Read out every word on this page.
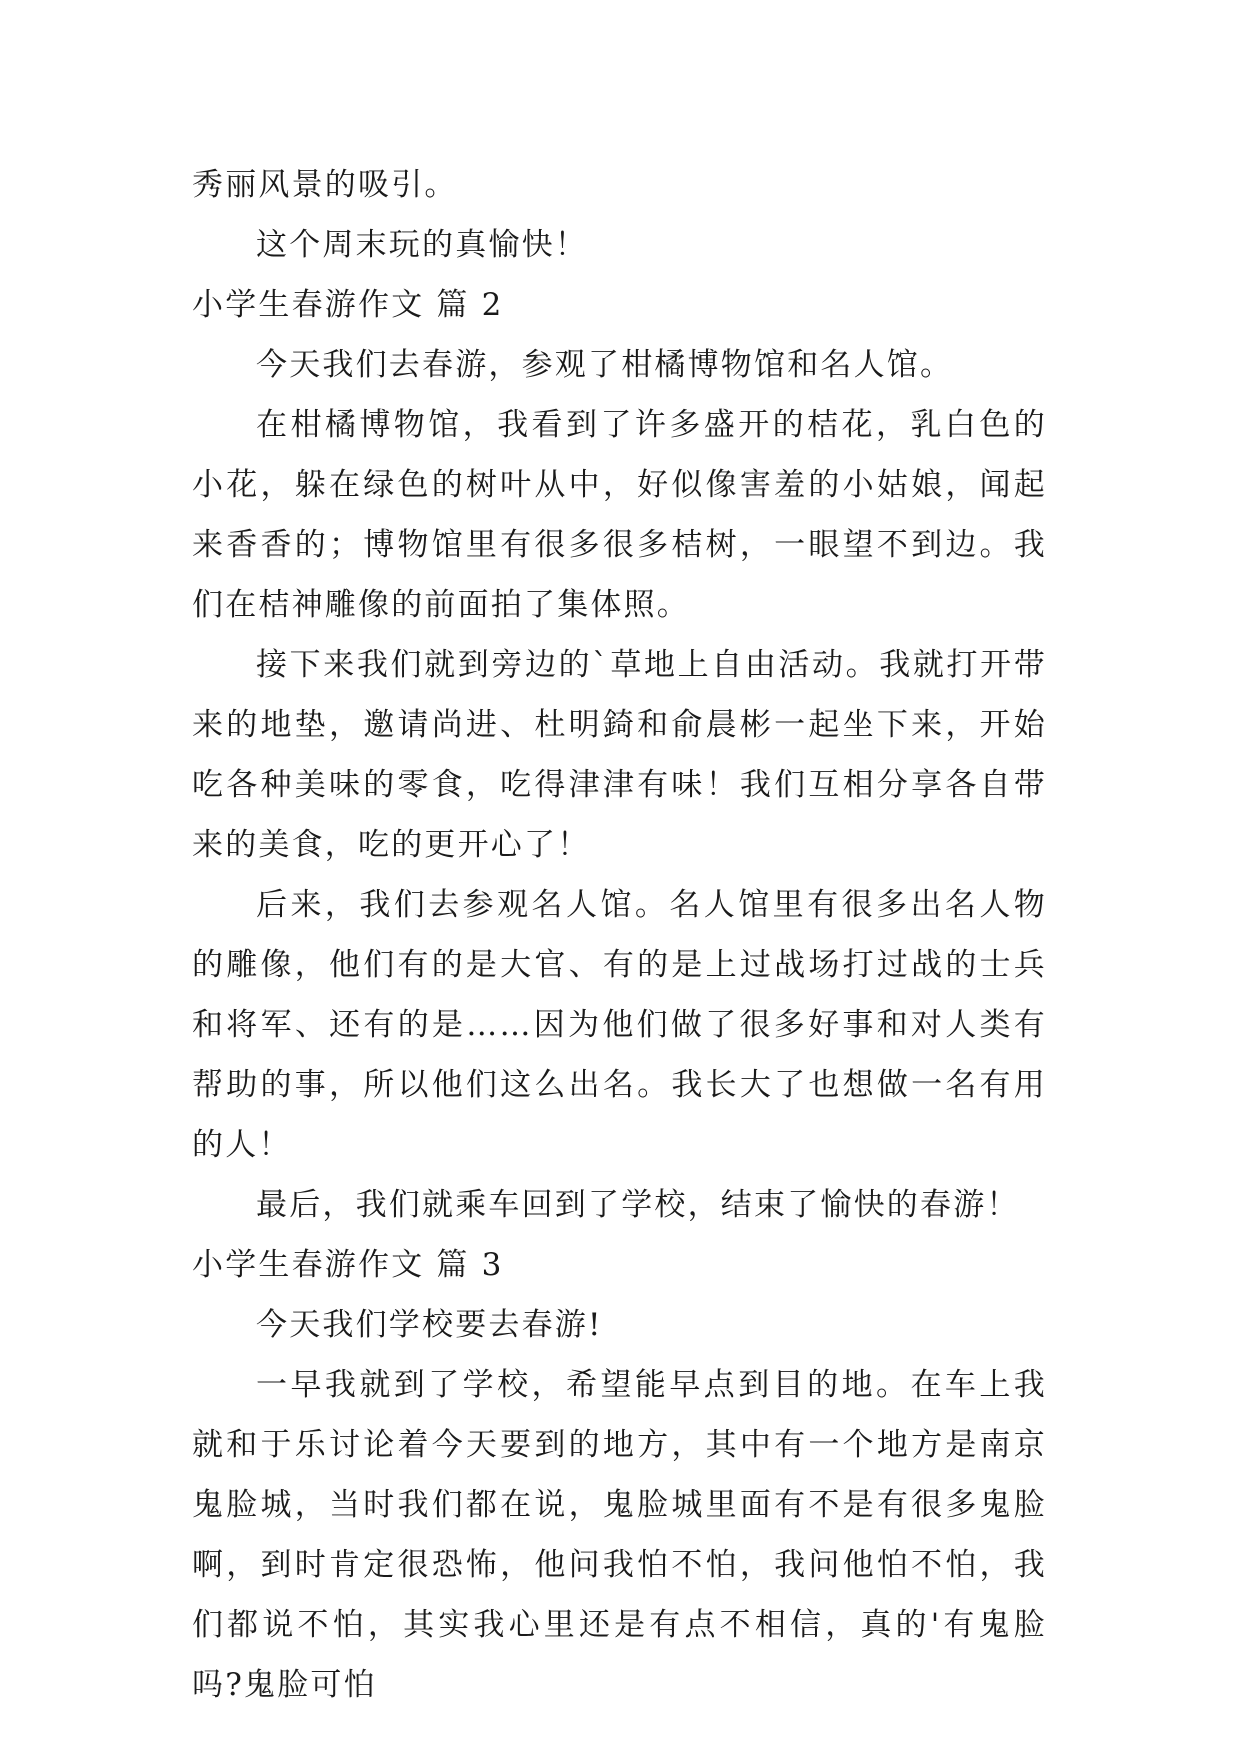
秀丽风景的吸引。

这个周末玩的真愉快！

小学生春游作文 篇 2

今天我们去春游，参观了柑橘博物馆和名人馆。

在柑橘博物馆，我看到了许多盛开的桔花，乳白色的小花，躲在绿色的树叶从中，好似像害羞的小姑娘，闻起来香香的；博物馆里有很多很多桔树，一眼望不到边。我们在桔神雕像的前面拍了集体照。

接下来我们就到旁边的`草地上自由活动。我就打开带来的地垫，邀请尚进、杜明錡和俞晨彬一起坐下来，开始吃各种美味的零食，吃得津津有味！我们互相分享各自带来的美食，吃的更开心了！

后来，我们去参观名人馆。名人馆里有很多出名人物的雕像，他们有的是大官、有的是上过战场打过战的士兵和将军、还有的是……因为他们做了很多好事和对人类有帮助的事，所以他们这么出名。我长大了也想做一名有用的人！

最后，我们就乘车回到了学校，结束了愉快的春游！

小学生春游作文 篇 3

今天我们学校要去春游!

一早我就到了学校，希望能早点到目的地。在车上我就和于乐讨论着今天要到的地方，其中有一个地方是南京鬼脸城，当时我们都在说，鬼脸城里面有不是有很多鬼脸啊，到时肯定很恐怖，他问我怕不怕，我问他怕不怕，我们都说不怕，其实我心里还是有点不相信，真的'有鬼脸吗?鬼脸可怕
